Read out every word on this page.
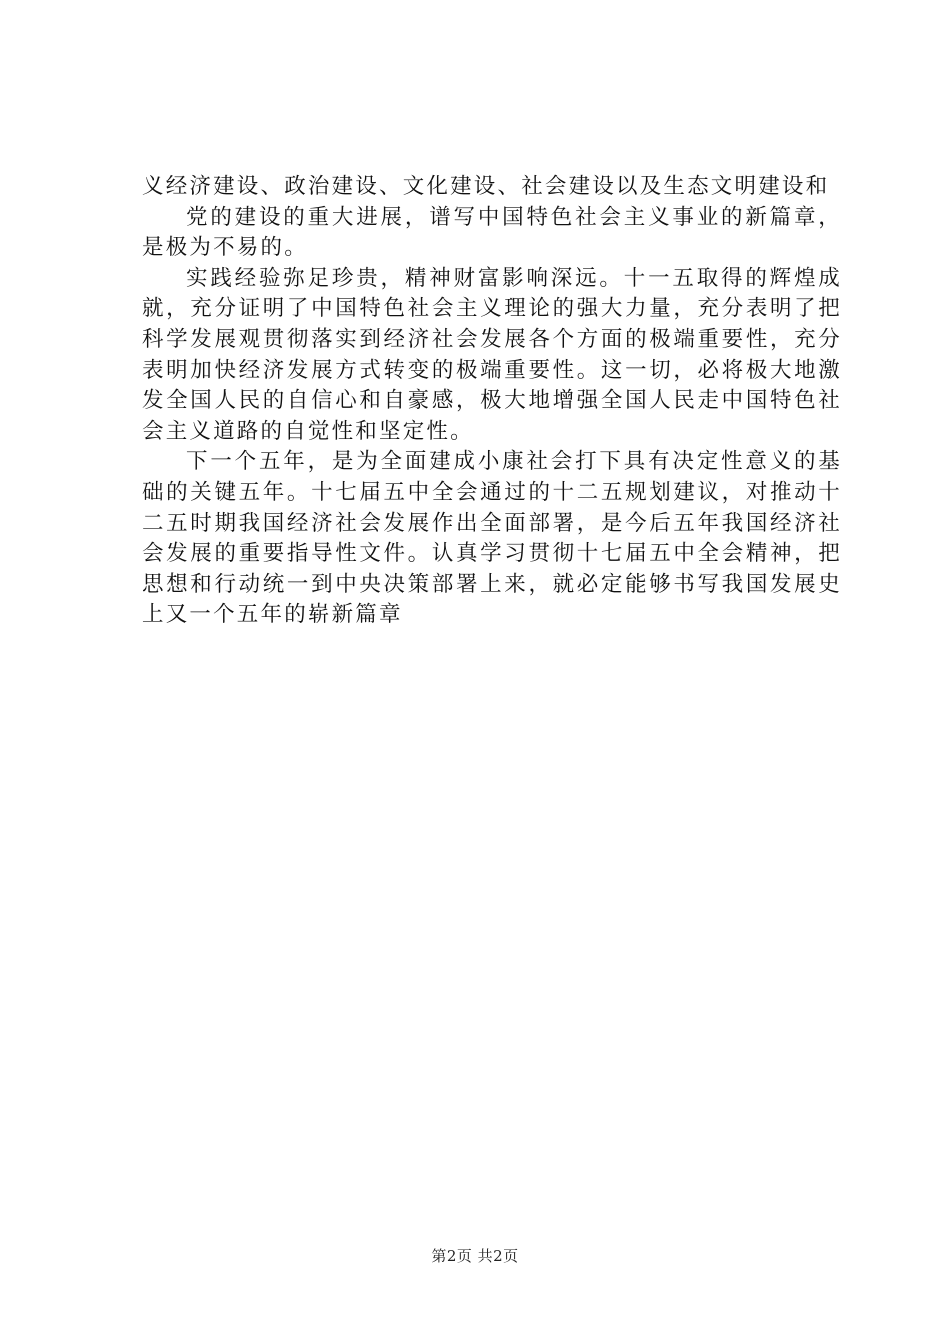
义经济建设、政治建设、文化建设、社会建设以及生态文明建设和

党的建设的重大进展，谱写中国特色社会主义事业的新篇章，是极为不易的。

实践经验弥足珍贵，精神财富影响深远。十一五取得的辉煌成就，充分证明了中国特色社会主义理论的强大力量，充分表明了把科学发展观贯彻落实到经济社会发展各个方面的极端重要性，充分表明加快经济发展方式转变的极端重要性。这一切，必将极大地激发全国人民的自信心和自豪感，极大地增强全国人民走中国特色社会主义道路的自觉性和坚定性。

下一个五年，是为全面建成小康社会打下具有决定性意义的基础的关键五年。十七届五中全会通过的十二五规划建议，对推动十二五时期我国经济社会发展作出全面部署，是今后五年我国经济社会发展的重要指导性文件。认真学习贯彻十七届五中全会精神，把思想和行动统一到中央决策部署上来，就必定能够书写我国发展史上又一个五年的崭新篇章

第2页 共2页
